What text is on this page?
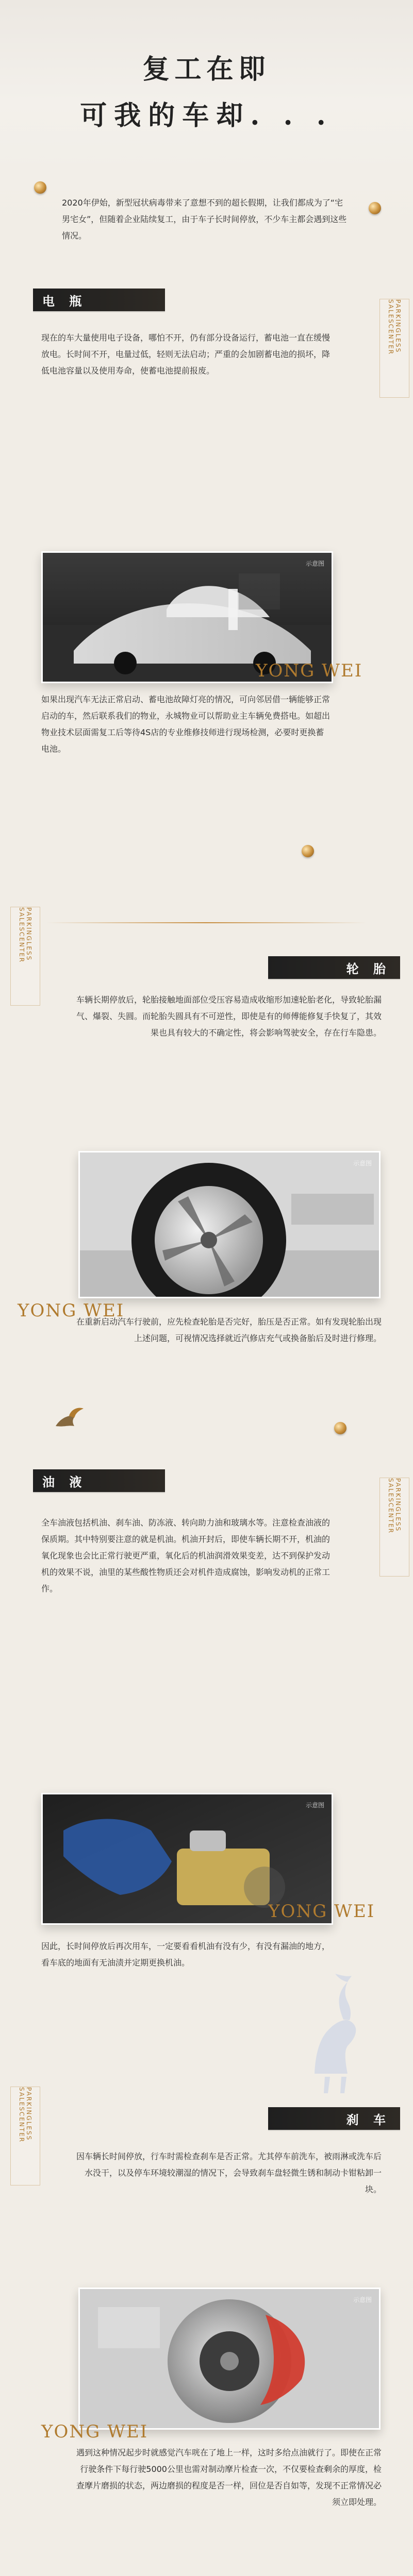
复工在即
可我的车却. . .
2020年伊始，新型冠状病毒带来了意想不到的超长假期，让我们都成为了“宅男宅女”，但随着企业陆续复工，由于车子长时间停放，不少车主都会遇到这些情况。
电 瓶	PARKINGLESS SALESCENTER
现在的车大量使用电子设备，哪怕不开，仍有部分设备运行，蓄电池一直在缓慢放电。长时间不开，电量过低，轻则无法启动；严重的会加剧蓄电池的损坏，降低电池容量以及使用寿命，使蓄电池提前报废。
示意图
YONG WEI
如果出现汽车无法正常启动、蓄电池故障灯亮的情况，可向邻居借一辆能够正常启动的车，然后联系我们的物业，永城物业可以帮助业主车辆免费搭电。如超出物业技术层面需复工后等待4S店的专业维修技师进行现场检测，必要时更换蓄电池。
PARKINGLESS SALESCENTER
轮 胎
车辆长期停放后，轮胎接触地面部位受压容易造成收缩形加速轮胎老化，导致轮胎漏气、爆裂、失圆。而轮胎失圆具有不可逆性，即使是有的师傅能修复手快复了，其效果也具有较大的不确定性，将会影响驾驶安全，存在行车隐患。
示意图
YONG WEI
在重新启动汽车行驶前，应先检查轮胎是否完好，胎压是否正常。如有发现轮胎出现上述问题，可视情况选择就近汽修店充气或换备胎后及时进行修理。
油 液	PARKINGLESS SALESCENTER
全车油液包括机油、刹车油、防冻液、转向助力油和玻璃水等。注意检查油液的保质期。其中特别要注意的就是机油。机油开封后，即使车辆长期不开，机油的氧化现象也会比正常行驶更严重，氧化后的机油润滑效果变差，达不到保护发动机的效果不说，油里的某些酸性物质还会对机件造成腐蚀，影响发动机的正常工作。
示意图
YONG WEI
因此，长时间停放后再次用车，一定要看看机油有没有少，有没有漏油的地方，看车底的地面有无油渍并定期更换机油。
PARKINGLESS SALESCENTER	刹 车
因车辆长时间停放，行车时需检查刹车是否正常。尤其停车前洗车，被雨淋或洗车后水没干，以及停车环境较潮湿的情况下，会导致刹车盘轻微生锈和制动卡钳粘卸一块。
示意图
YONG WEI
遇到这种情况起步时就感觉汽车咣在了地上一样，这时多给点油就行了。即使在正常行驶条件下每行驶5000公里也需对制动摩片检查一次，不仅要检查剩余的厚度，检查摩片磨损的状态，两边磨损的程度是否一样，回位是否自如等，发现不正常情况必须立即处理。
